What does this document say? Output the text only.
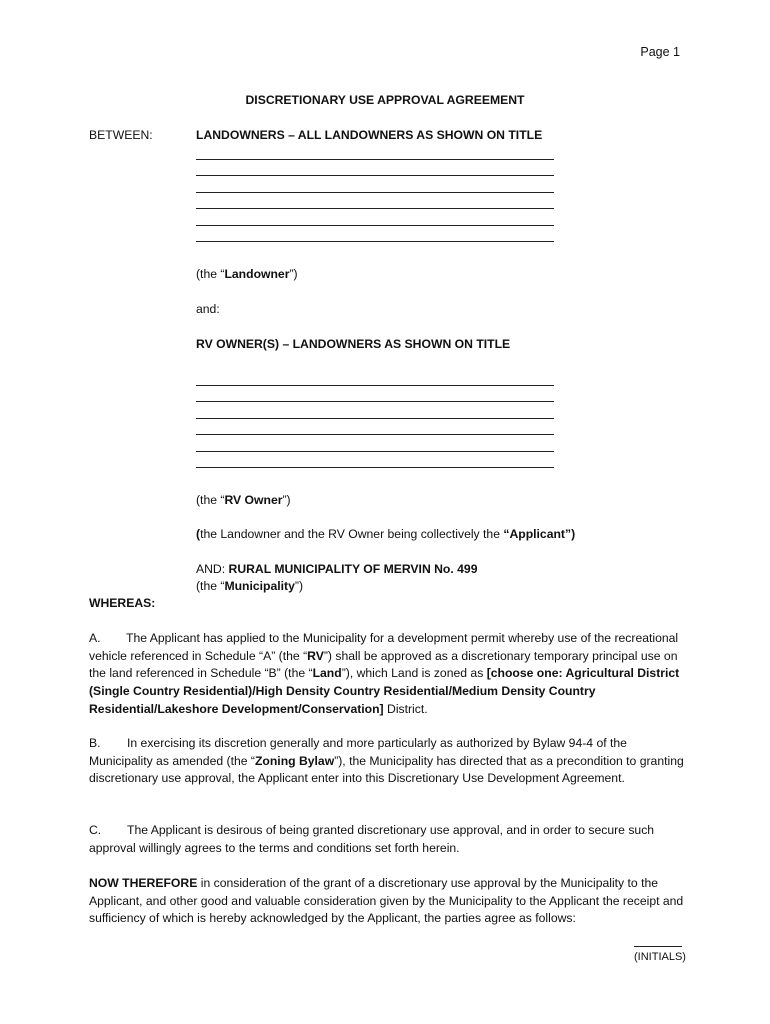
Page 1
DISCRETIONARY USE APPROVAL AGREEMENT
BETWEEN:	LANDOWNERS – ALL LANDOWNERS AS SHOWN ON TITLE
(the “Landowner”)
and:
RV OWNER(S) – LANDOWNERS AS SHOWN ON TITLE
(the “RV Owner”)
(the Landowner and the RV Owner being collectively the “Applicant”)
AND: RURAL MUNICIPALITY OF MERVIN No. 499
(the “Municipality”)
WHEREAS:
A. The Applicant has applied to the Municipality for a development permit whereby use of the recreational vehicle referenced in Schedule “A” (the “RV”) shall be approved as a discretionary temporary principal use on the land referenced in Schedule “B” (the “Land”), which Land is zoned as [choose one: Agricultural District (Single Country Residential)/High Density Country Residential/Medium Density Country Residential/Lakeshore Development/Conservation] District.
B. In exercising its discretion generally and more particularly as authorized by Bylaw 94-4 of the Municipality as amended (the “Zoning Bylaw”), the Municipality has directed that as a precondition to granting discretionary use approval, the Applicant enter into this Discretionary Use Development Agreement.
C. The Applicant is desirous of being granted discretionary use approval, and in order to secure such approval willingly agrees to the terms and conditions set forth herein.
NOW THEREFORE in consideration of the grant of a discretionary use approval by the Municipality to the Applicant, and other good and valuable consideration given by the Municipality to the Applicant the receipt and sufficiency of which is hereby acknowledged by the Applicant, the parties agree as follows:
(INITIALS)
